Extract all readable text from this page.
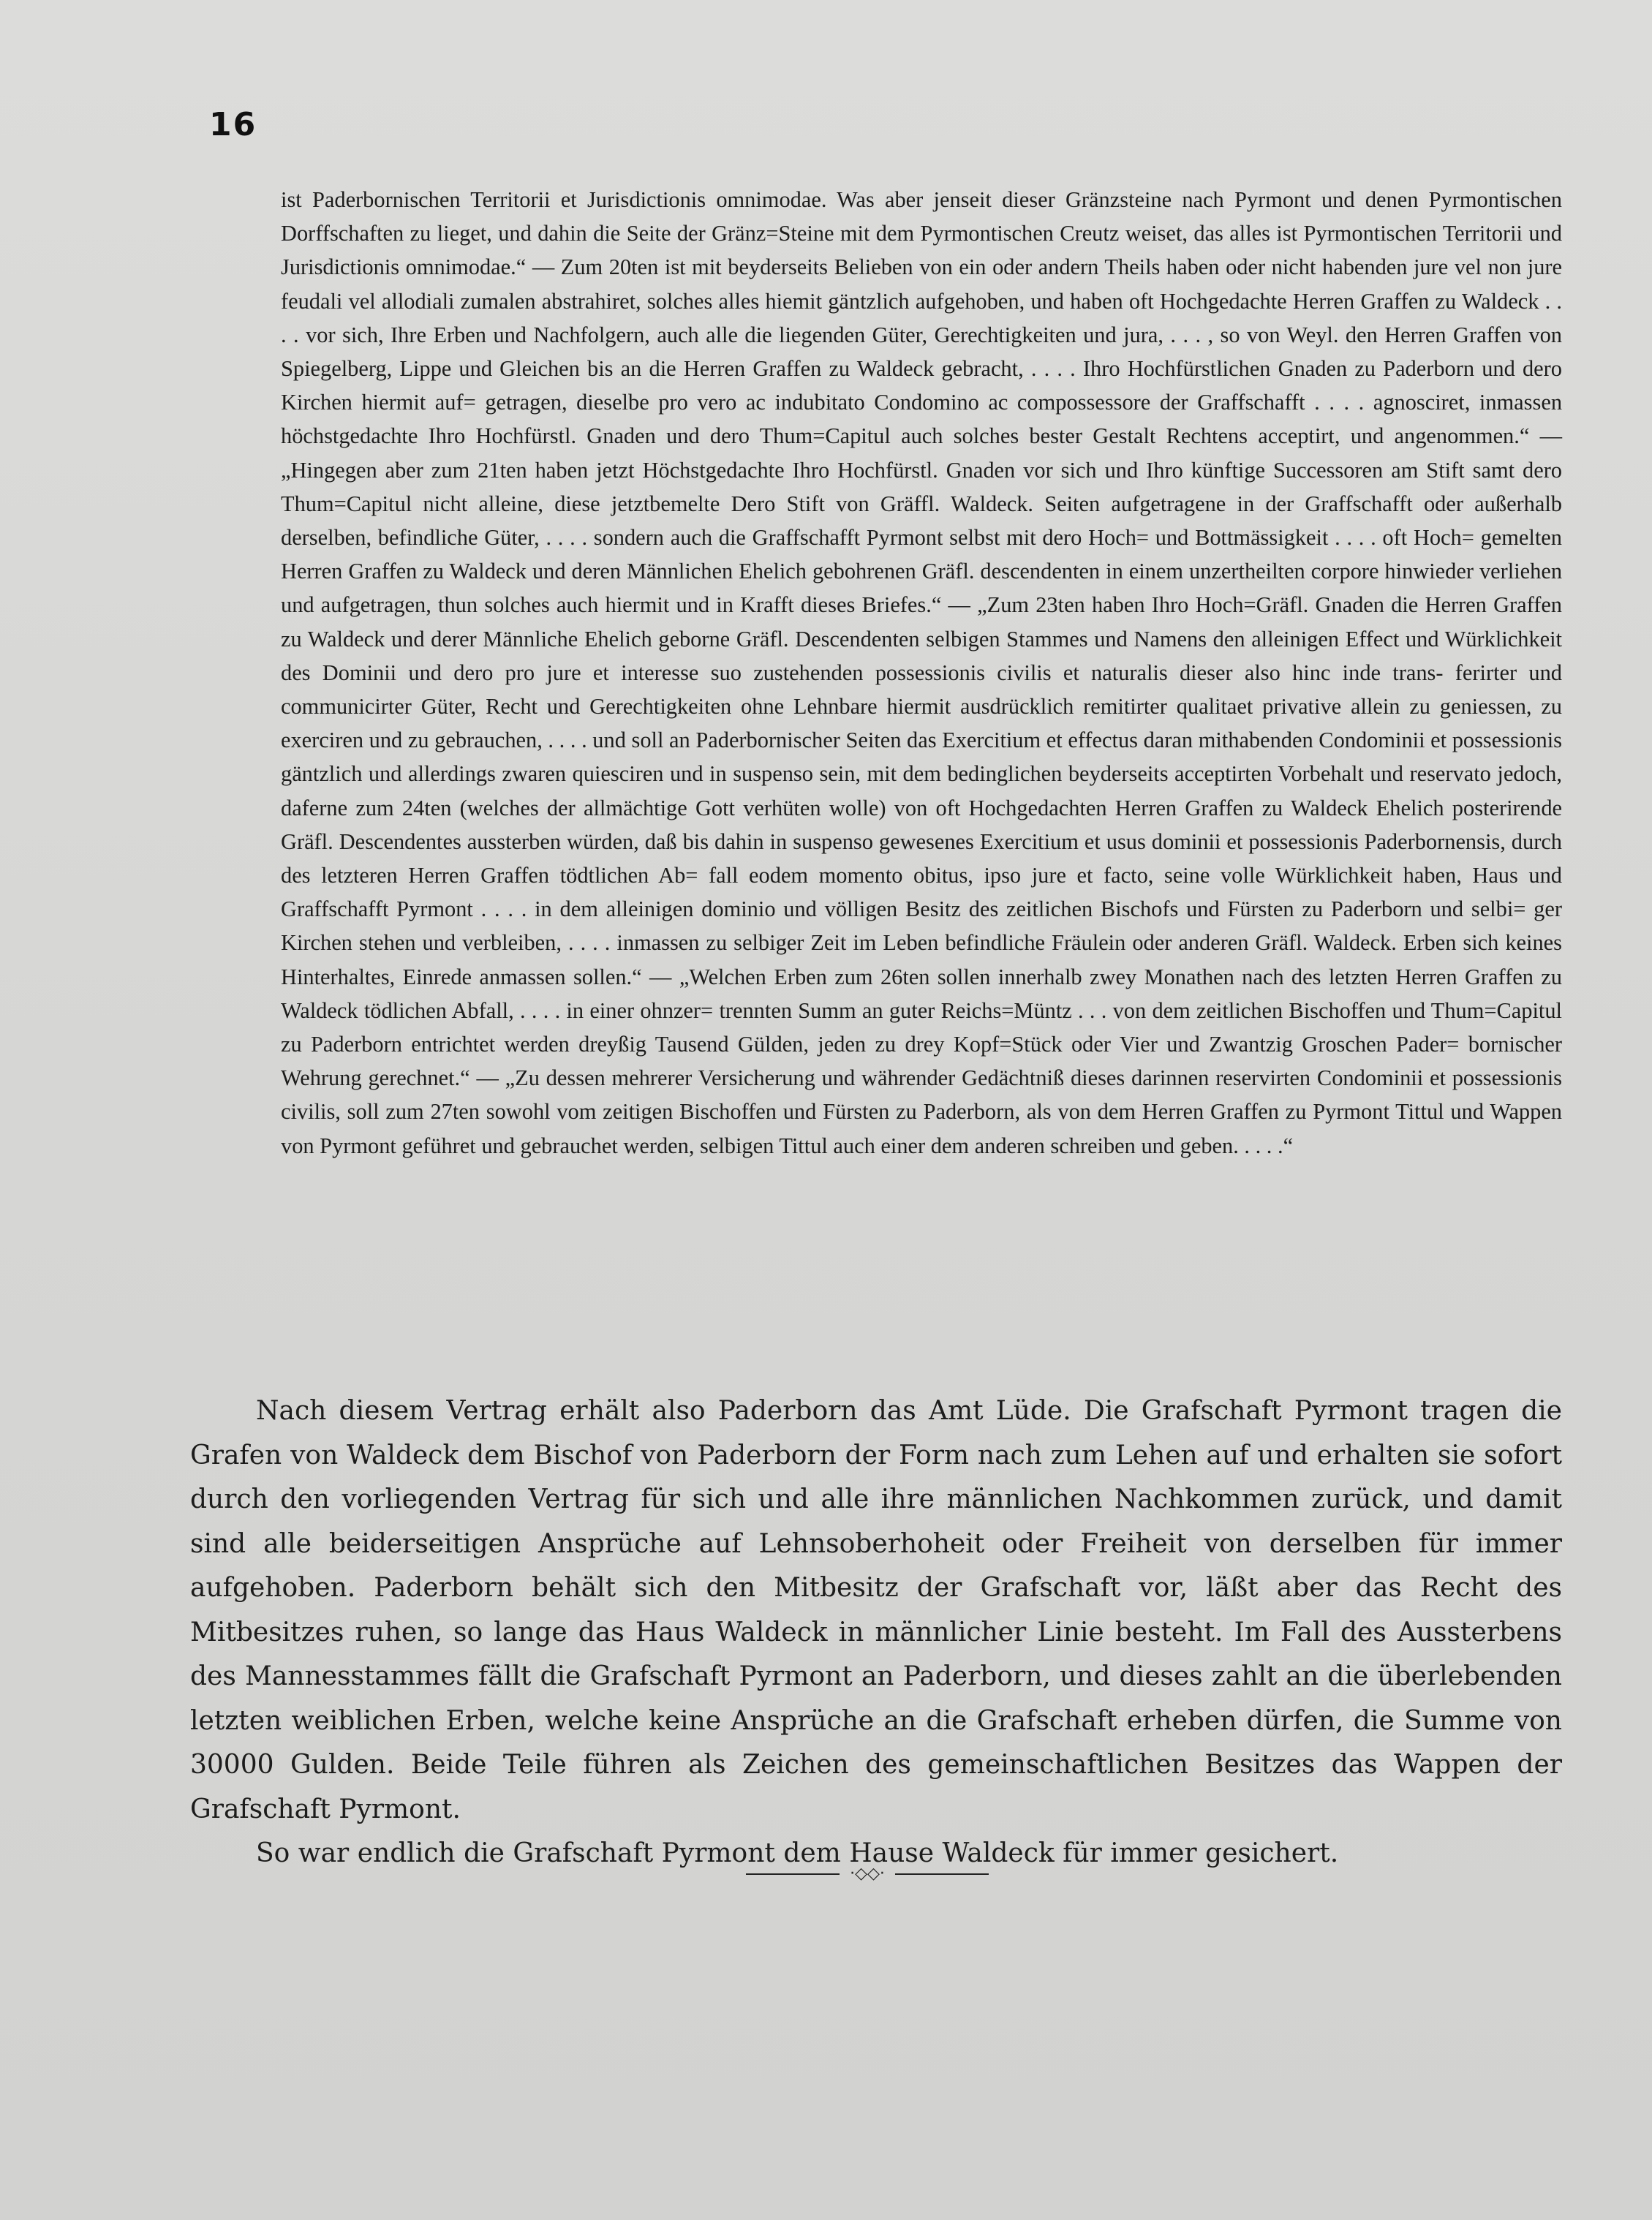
16

ist Paderbornischen Territorii et Jurisdictionis omnimodae. Was aber jenseit dieser Gränzsteine nach Pyrmont und denen Pyrmontischen Dorffschaften zu lieget, und dahin die Seite der Gränz=Steine mit dem Pyrmontischen Creutz weiset, das alles ist Pyrmontischen Territorii und Jurisdictionis omnimodae.“ — Zum 20ten ist mit beyderseits Belieben von ein oder andern Theils haben oder nicht habenden jure vel non jure feudali vel allodiali zumalen abstrahiret, solches alles hiemit gäntzlich aufgehoben, und haben oft Hochgedachte Herren Graffen zu Waldeck . . . . vor sich, Ihre Erben und Nachfolgern, auch alle die liegenden Güter, Gerechtigkeiten und jura, . . . , so von Weyl. den Herren Graffen von Spiegelberg, Lippe und Gleichen bis an die Herren Graffen zu Waldeck gebracht, . . . . Ihro Hochfürstlichen Gnaden zu Paderborn und dero Kirchen hiermit auf= getragen, dieselbe pro vero ac indubitato Condomino ac compossessore der Graffschafft . . . . agnosciret, inmassen höchstgedachte Ihro Hochfürstl. Gnaden und dero Thum=Capitul auch solches bester Gestalt Rechtens acceptirt, und angenommen.“ — „Hingegen aber zum 21ten haben jetzt Höchstgedachte Ihro Hochfürstl. Gnaden vor sich und Ihro künftige Successoren am Stift samt dero Thum=Capitul nicht alleine, diese jetztbemelte Dero Stift von Gräffl. Waldeck. Seiten aufgetragene in der Graffschafft oder außerhalb derselben, befindliche Güter, . . . . sondern auch die Graffschafft Pyrmont selbst mit dero Hoch= und Bottmässigkeit . . . . oft Hoch= gemelten Herren Graffen zu Waldeck und deren Männlichen Ehelich gebohrenen Gräfl. descendenten in einem unzertheilten corpore hinwieder verliehen und aufgetragen, thun solches auch hiermit und in Krafft dieses Briefes.“ — „Zum 23ten haben Ihro Hoch=Gräfl. Gnaden die Herren Graffen zu Waldeck und derer Männliche Ehelich geborne Gräfl. Descendenten selbigen Stammes und Namens den alleinigen Effect und Würklichkeit des Dominii und dero pro jure et interesse suo zustehenden possessionis civilis et naturalis dieser also hinc inde trans- ferirter und communicirter Güter, Recht und Gerechtigkeiten ohne Lehnbare hiermit ausdrücklich remitirter qualitaet privative allein zu geniessen, zu exerciren und zu gebrauchen, . . . . und soll an Paderbornischer Seiten das Exercitium et effectus daran mithabenden Condominii et possessionis gäntzlich und allerdings zwaren quiesciren und in suspenso sein, mit dem bedinglichen beyderseits acceptirten Vorbehalt und reservato jedoch, daferne zum 24ten (welches der allmächtige Gott verhüten wolle) von oft Hochgedachten Herren Graffen zu Waldeck Ehelich posterirende Gräfl. Descendentes aussterben würden, daß bis dahin in suspenso gewesenes Exercitium et usus dominii et possessionis Paderbornensis, durch des letzteren Herren Graffen tödtlichen Ab= fall eodem momento obitus, ipso jure et facto, seine volle Würklichkeit haben, Haus und Graffschafft Pyrmont . . . . in dem alleinigen dominio und völligen Besitz des zeitlichen Bischofs und Fürsten zu Paderborn und selbi= ger Kirchen stehen und verbleiben, . . . . inmassen zu selbiger Zeit im Leben befindliche Fräulein oder anderen Gräfl. Waldeck. Erben sich keines Hinterhaltes, Einrede anmassen sollen.“ — „Welchen Erben zum 26ten sollen innerhalb zwey Monathen nach des letzten Herren Graffen zu Waldeck tödlichen Abfall, . . . . in einer ohnzer= trennten Summ an guter Reichs=Müntz . . . von dem zeitlichen Bischoffen und Thum=Capitul zu Paderborn entrichtet werden dreyßig Tausend Gülden, jeden zu drey Kopf=Stück oder Vier und Zwantzig Groschen Pader= bornischer Wehrung gerechnet.“ — „Zu dessen mehrerer Versicherung und währender Gedächtniß dieses darinnen reservirten Condominii et possessionis civilis, soll zum 27ten sowohl vom zeitigen Bischoffen und Fürsten zu Paderborn, als von dem Herren Graffen zu Pyrmont Tittul und Wappen von Pyrmont geführet und gebrauchet werden, selbigen Tittul auch einer dem anderen schreiben und geben. . . . .“

Nach diesem Vertrag erhält also Paderborn das Amt Lüde. Die Grafschaft Pyrmont tragen die Grafen von Waldeck dem Bischof von Paderborn der Form nach zum Lehen auf und erhalten sie sofort durch den vorliegenden Vertrag für sich und alle ihre männlichen Nachkommen zurück, und damit sind alle beiderseitigen Ansprüche auf Lehnsoberhoheit oder Freiheit von derselben für immer aufgehoben. Paderborn behält sich den Mitbesitz der Grafschaft vor, läßt aber das Recht des Mitbesitzes ruhen, so lange das Haus Waldeck in männlicher Linie besteht. Im Fall des Aussterbens des Mannesstammes fällt die Grafschaft Pyrmont an Paderborn, und dieses zahlt an die überlebenden letzten weiblichen Erben, welche keine Ansprüche an die Grafschaft erheben dürfen, die Summe von 30000 Gulden. Beide Teile führen als Zeichen des gemeinschaftlichen Besitzes das Wappen der Grafschaft Pyrmont.

So war endlich die Grafschaft Pyrmont dem Hause Waldeck für immer gesichert.

·◇◇·
